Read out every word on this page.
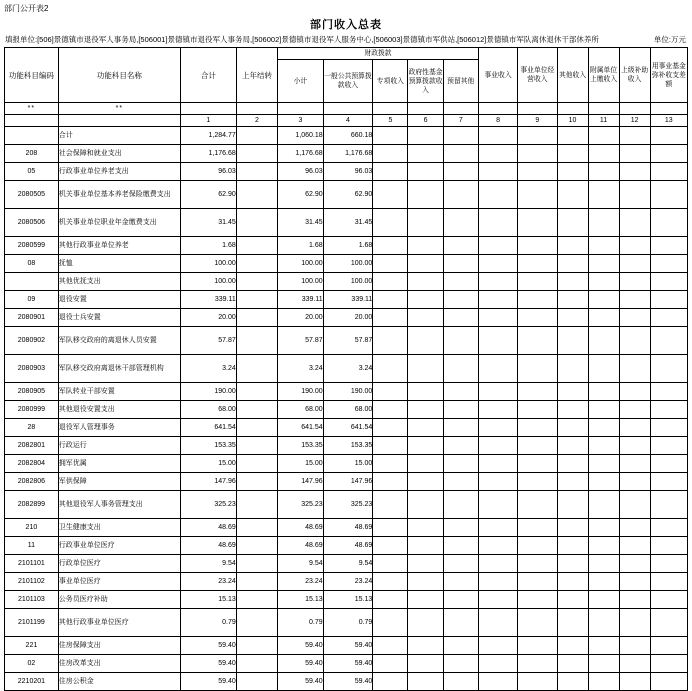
部门公开表2
部门收入总表
填报单位:[506]景德镇市退役军人事务局,[506001]景德镇市退役军人事务局,[506002]景德镇市退役军人服务中心,[506003]景德镇市军供站,[506012]景德镇市军队离休退休干部休养所	单位:万元
功能科目编码	功能科目名称	合计	上年结转	财政拨款					事业收入	事业单位经营收入	其他收入	附属单位上缴收入	上级补助收入	用事业基金弥补收支差额
				小计	一般公共预算拨款收入	专项收入	政府性基金预算拨款收入	预留其他						

**	**													
		1	2	3	4	5	6	7	8	9	10	11	12	13
	合计	1,284.77		1,060.18	660.18									
208	社会保障和就业支出	1,176.68		1,176.68	1,176.68									
05	行政事业单位养老支出	96.03		96.03	96.03									
2080505	机关事业单位基本养老保险缴费支出	62.90		62.90	62.90									
2080506	机关事业单位职业年金缴费支出	31.45		31.45	31.45									
2080599	其他行政事业单位养老	1.68		1.68	1.68									
08	抚恤	100.00		100.00	100.00									
	其他优抚支出	100.00		100.00	100.00									
09	退役安置	339.11		339.11	339.11									
2080901	退役士兵安置	20.00		20.00	20.00									
2080902	军队移交政府的离退休人员安置	57.87		57.87	57.87									
2080903	军队移交政府离退休干部管理机构	3.24		3.24	3.24									
2080905	军队转业干部安置	190.00		190.00	190.00									
2080999	其他退役安置支出	68.00		68.00	68.00									
28	退役军人管理事务	641.54		641.54	641.54									
2082801	行政运行	153.35		153.35	153.35									
2082804	拥军优属	15.00		15.00	15.00									
2082806	军供保障	147.96		147.96	147.96									
2082899	其他退役军人事务管理支出	325.23		325.23	325.23									
210	卫生健康支出	48.69		48.69	48.69									
11	行政事业单位医疗	48.69		48.69	48.69									
2101101	行政单位医疗	9.54		9.54	9.54									
2101102	事业单位医疗	23.24		23.24	23.24									
2101103	公务员医疗补助	15.13		15.13	15.13									
2101199	其他行政事业单位医疗	0.79		0.79	0.79									
221	住房保障支出	59.40		59.40	59.40									
02	住房改革支出	59.40		59.40	59.40									
2210201	住房公积金	59.40		59.40	59.40									
